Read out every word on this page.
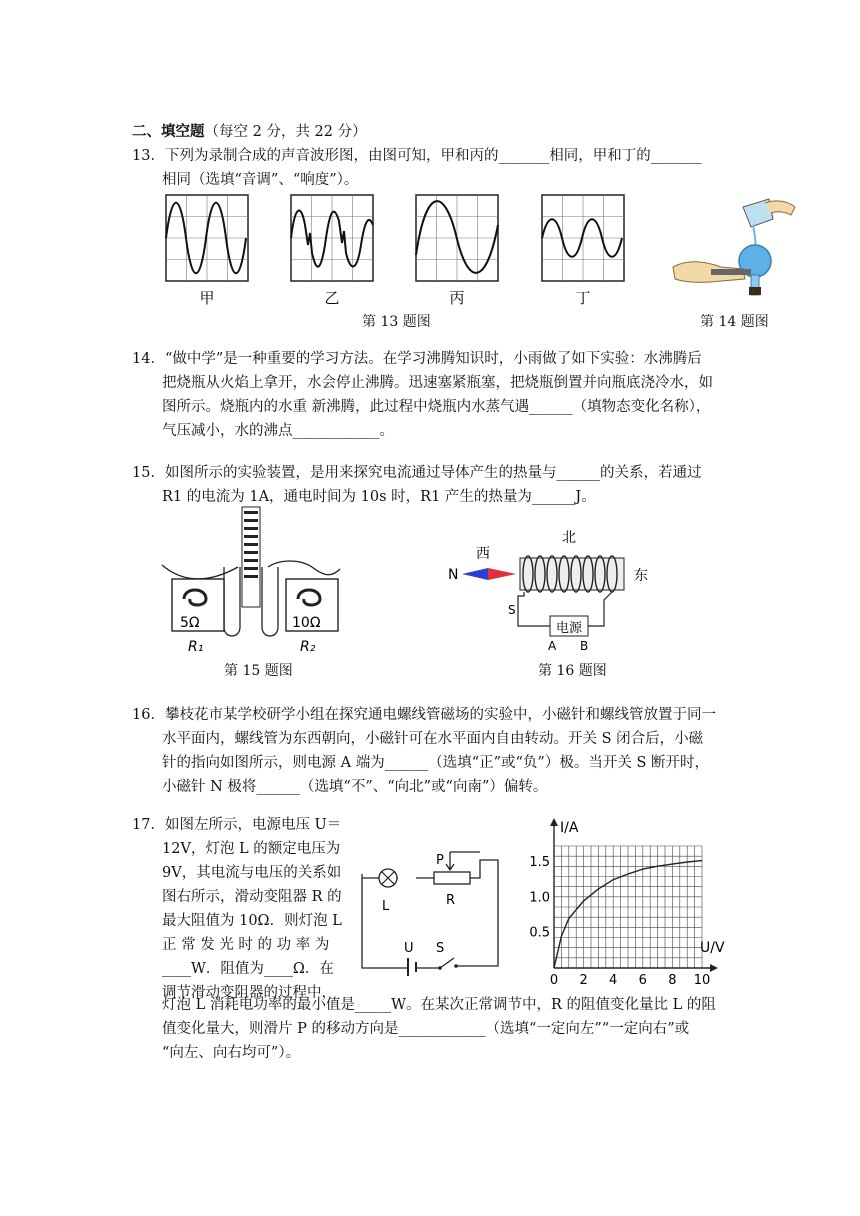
二、填空题（每空 2 分，共 22 分）
13．下列为录制合成的声音波形图，由图可知，甲和丙的_______相同，甲和丁的_______
相同（选填“音调”、“响度”）。
甲	乙	丙	丁
第 13 题图	第 14 题图
14．“做中学”是一种重要的学习方法。在学习沸腾知识时，小雨做了如下实验：水沸腾后
把烧瓶从火焰上拿开，水会停止沸腾。迅速塞紧瓶塞，把烧瓶倒置并向瓶底浇冷水，如
图所示。烧瓶内的水重 新沸腾，此过程中烧瓶内水蒸气遇______（填物态变化名称），
气压减小，水的沸点____________。
15．如图所示的实验装置，是用来探究电流通过导体产生的热量与______的关系，若通过
R1 的电流为 1A，通电时间为 10s 时，R1 产生的热量为______J。
5Ω	10Ω
R₁	R₂
第 15 题图
西
北
东
N
S
电源
A B
第 16 题图
16．攀枝花市某学校研学小组在探究通电螺线管磁场的实验中，小磁针和螺线管放置于同一
水平面内，螺线管为东西朝向，小磁针可在水平面内自由转动。开关 S 闭合后，小磁
针的指向如图所示，则电源 A 端为______（选填“正”或“负”）极。当开关 S 断开时，
小磁针 N 极将______（选填“不”、“向北”或“向南”）偏转。
17．如图左所示，电源电压 U＝
12V，灯泡 L 的额定电压为
9V，其电流与电压的关系如
图右所示，滑动变阻器 R 的
最大阻值为 10Ω．则灯泡 L
正 常 发 光 时 的 功 率 为
____W．阻值为____Ω．在
调节滑动变阻器的过程中，
L	R
P
U S
I/A
U/V
0 2 4 6 8 10
0.5
1.0
1.5
灯泡 L 消耗电功率的最小值是_____W。在某次正常调节中，R 的阻值变化量比 L 的阻
值变化量大，则滑片 P 的移动方向是____________（选填“一定向左”“一定向右”或
“向左、向右均可”）。
